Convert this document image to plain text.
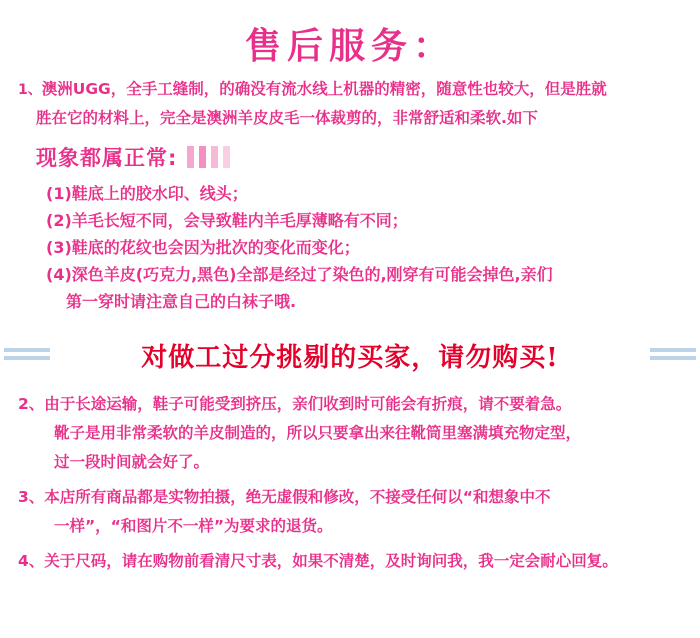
售后服务：
1、澳洲UGG，全手工缝制，的确没有流水线上机器的精密，随意性也较大，但是胜就
胜在它的材料上，完全是澳洲羊皮皮毛一体裁剪的，非常舒适和柔软.如下
现象都属正常:
(1)鞋底上的胶水印、线头；
(2)羊毛长短不同，会导致鞋内羊毛厚薄略有不同；
(3)鞋底的花纹也会因为批次的变化而变化；
(4)深色羊皮(巧克力,黑色)全部是经过了染色的,刚穿有可能会掉色,亲们
第一穿时请注意自己的白袜子哦.
对做工过分挑剔的买家，请勿购买!
2、由于长途运输，鞋子可能受到挤压，亲们收到时可能会有折痕，请不要着急。
靴子是用非常柔软的羊皮制造的，所以只要拿出来往靴筒里塞满填充物定型，
过一段时间就会好了。
3、本店所有商品都是实物拍摄，绝无虚假和修改，不接受任何以“和想象中不
一样”，“和图片不一样”为要求的退货。
4、关于尺码，请在购物前看清尺寸表，如果不清楚，及时询问我，我一定会耐心回复。
